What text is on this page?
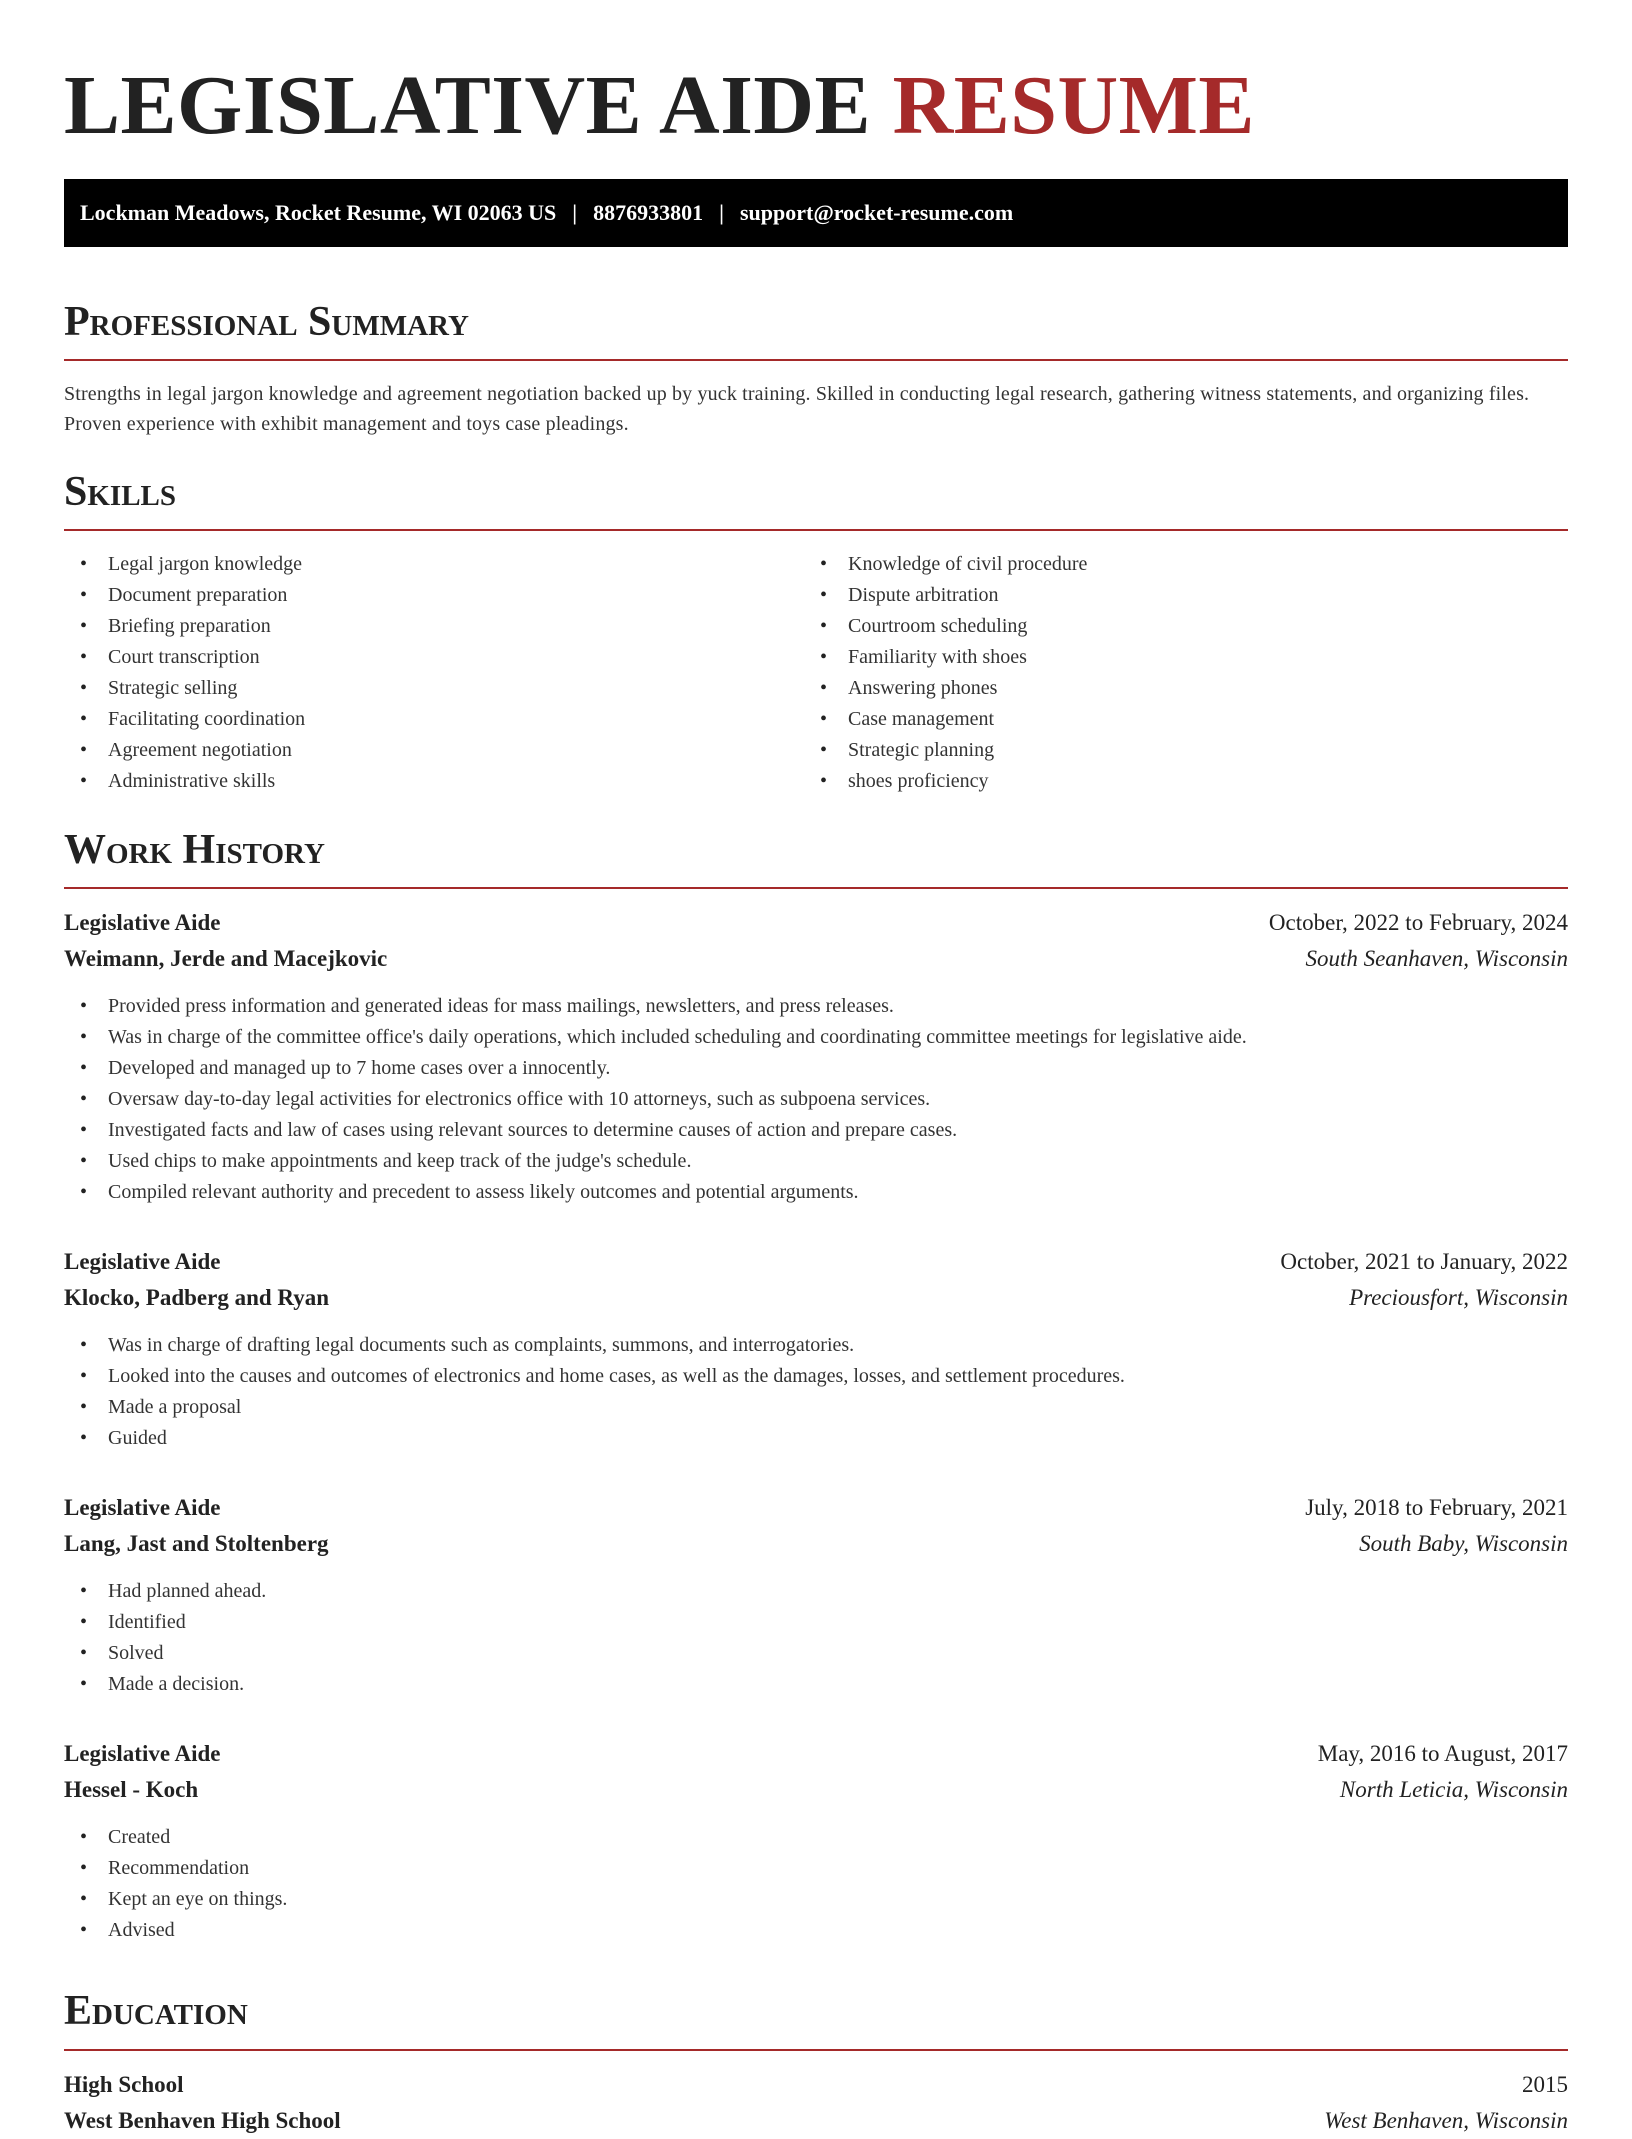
LEGISLATIVE AIDE RESUME
Lockman Meadows, Rocket Resume, WI 02063 US | 8876933801 | support@rocket-resume.com
Professional Summary

Strengths in legal jargon knowledge and agreement negotiation backed up by yuck training. Skilled in conducting legal research, gathering witness statements, and organizing files. Proven experience with exhibit management and toys case pleadings.

Skills
• Legal jargon knowledge
• Document preparation
• Briefing preparation
• Court transcription
• Strategic selling
• Facilitating coordination
• Agreement negotiation
• Administrative skills
• Knowledge of civil procedure
• Dispute arbitration
• Courtroom scheduling
• Familiarity with shoes
• Answering phones
• Case management
• Strategic planning
• shoes proficiency
Work History
Legislative Aide	October, 2022 to February, 2024
Weimann, Jerde and Macejkovic	South Seanhaven, Wisconsin
• Provided press information and generated ideas for mass mailings, newsletters, and press releases.
• Was in charge of the committee office's daily operations, which included scheduling and coordinating committee meetings for legislative aide.
• Developed and managed up to 7 home cases over a innocently.
• Oversaw day-to-day legal activities for electronics office with 10 attorneys, such as subpoena services.
• Investigated facts and law of cases using relevant sources to determine causes of action and prepare cases.
• Used chips to make appointments and keep track of the judge's schedule.
• Compiled relevant authority and precedent to assess likely outcomes and potential arguments.
Legislative Aide	October, 2021 to January, 2022
Klocko, Padberg and Ryan	Preciousfort, Wisconsin
• Was in charge of drafting legal documents such as complaints, summons, and interrogatories.
• Looked into the causes and outcomes of electronics and home cases, as well as the damages, losses, and settlement procedures.
• Made a proposal
• Guided
Legislative Aide	July, 2018 to February, 2021
Lang, Jast and Stoltenberg	South Baby, Wisconsin
• Had planned ahead.
• Identified
• Solved
• Made a decision.
Legislative Aide	May, 2016 to August, 2017
Hessel - Koch	North Leticia, Wisconsin
• Created
• Recommendation
• Kept an eye on things.
• Advised
Education
High School	2015
West Benhaven High School	West Benhaven, Wisconsin
